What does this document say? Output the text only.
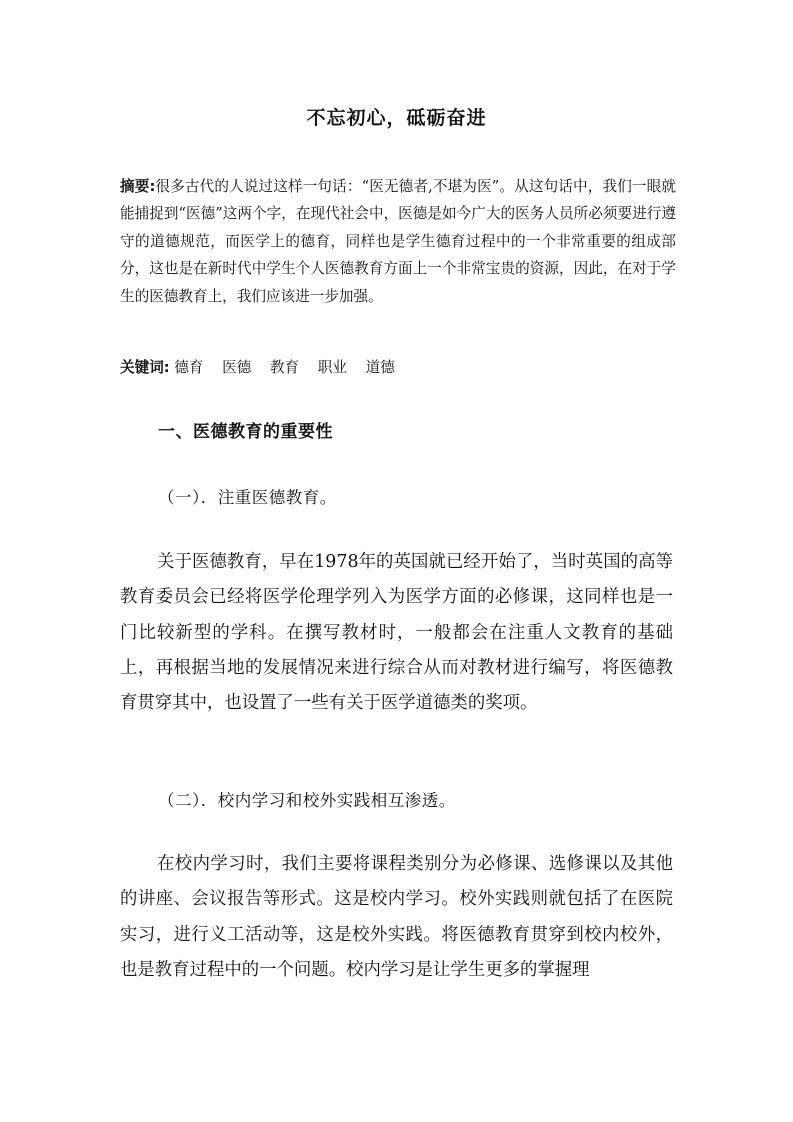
不忘初心，砥砺奋进
摘要:很多古代的人说过这样一句话：“医无德者,不堪为医”。从这句话中，我们一眼就能捕捉到“医德”这两个字，在现代社会中，医德是如今广大的医务人员所必须要进行遵守的道德规范，而医学上的德育，同样也是学生德育过程中的一个非常重要的组成部分，这也是在新时代中学生个人医德教育方面上一个非常宝贵的资源，因此，在对于学生的医德教育上，我们应该进一步加强。
关键词: 德育 医德 教育 职业 道德
一、医德教育的重要性
（一）．注重医德教育。
关于医德教育，早在1978年的英国就已经开始了，当时英国的高等教育委员会已经将医学伦理学列入为医学方面的必修课，这同样也是一门比较新型的学科。在撰写教材时，一般都会在注重人文教育的基础上，再根据当地的发展情况来进行综合从而对教材进行编写，将医德教育贯穿其中，也设置了一些有关于医学道德类的奖项。
（二）．校内学习和校外实践相互渗透。
在校内学习时，我们主要将课程类别分为必修课、选修课以及其他的讲座、会议报告等形式。这是校内学习。校外实践则就包括了在医院实习，进行义工活动等，这是校外实践。将医德教育贯穿到校内校外，也是教育过程中的一个问题。校内学习是让学生更多的掌握理
